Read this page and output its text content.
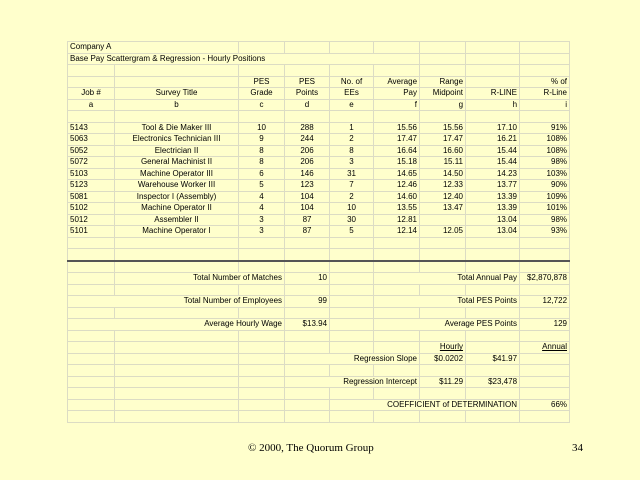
Company A									
Base Pay Scattergram & Regression - Hourly Positions									

		PES	PES	No. of	Average	Range		% of	
Job #	Survey Title	Grade	Points	EEs	Pay	Midpoint	R-LINE	R-Line	
a	b	c	d	e	f	g	h	i	

5143	Tool & Die Maker III	10	288	1	15.56	15.56	17.10	91%	
5063	Electronics Technician III	9	244	2	17.47	17.47	16.21	108%	
5052	Electrician II	8	206	8	16.64	16.60	15.44	108%	
5072	General Machinist II	8	206	3	15.18	15.11	15.44	98%	
5103	Machine Operator III	6	146	31	14.65	14.50	14.23	103%	
5123	Warehouse Worker III	5	123	7	12.46	12.33	13.77	90%	
5081	Inspector I (Assembly)	4	104	2	14.60	12.40	13.39	109%	
5102	Machine Operator II	4	104	10	13.55	13.47	13.39	101%	
5012	Assembler II	3	87	30	12.81		13.04	98%	
5101	Machine Operator I	3	87	5	12.14	12.05	13.04	93%	

	Total Number of Matches		10		Total Annual Pay			$2,870,878	

Total Number of Employees			99		Total PES Points			12,722	

Average Hourly Wage			$13.94		Average PES Points			129	

						Hourly		Annual	
			Regression Slope			$0.0202	$41.97		

			Regression Intercept			$11.29	$23,478		

				COEFFICIENT of DETERMINATION				66%	

© 2000, The Quorum Group	34
